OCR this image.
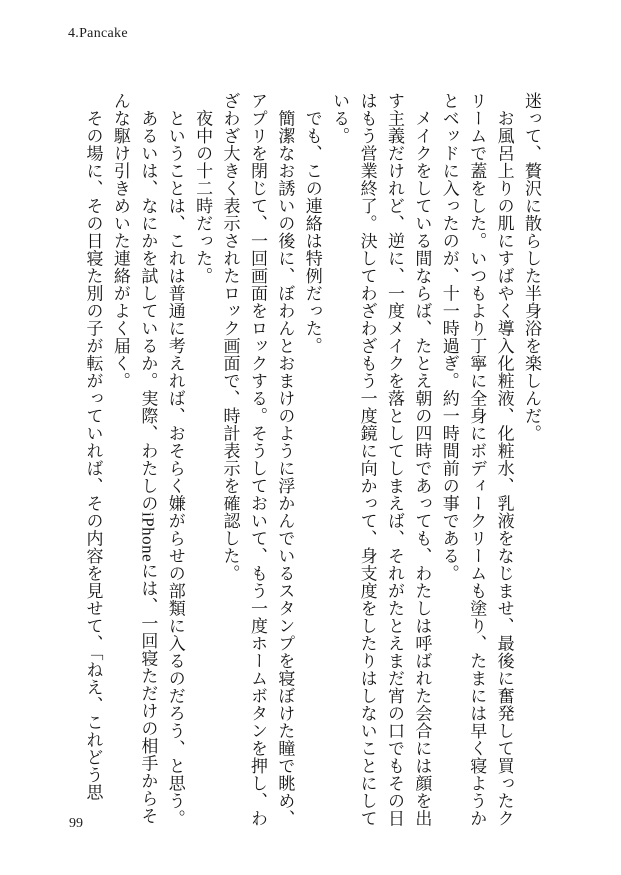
4.Pancake
迷って、贅沢に散らした半身浴を楽しんだ。
　お風呂上りの肌にすばやく導入化粧液、化粧水、乳液をなじませ、最後に奮発して買ったク
リームで蓋をした。いつもより丁寧に全身にボディークリームも塗り、たまには早く寝ようか
とベッドに入ったのが、十一時過ぎ。約一時間前の事である。
　メイクをしている間ならば、たとえ朝の四時であっても、わたしは呼ばれた会合には顔を出
す主義だけれど、逆に、一度メイクを落としてしまえば、それがたとえまだ宵の口でもその日
はもう営業終了。決してわざわざもう一度鏡に向かって、身支度をしたりはしないことにして
いる。
　でも、この連絡は特例だった。
　簡潔なお誘いの後に、ぼわんとおまけのように浮かんでいるスタンプを寝ぼけた瞳で眺め、
アプリを閉じて、一回画面をロックする。そうしておいて、もう一度ホームボタンを押し、わ
ざわざ大きく表示されたロック画面で、時計表示を確認した。
　夜中の十二時だった。
　ということは、これは普通に考えれば、おそらく嫌がらせの部類に入るのだろう、と思う。
　あるいは、なにかを試しているか。実際、わたしのiPhoneには、一回寝ただけの相手からそ
んな駆け引きめいた連絡がよく届く。
　その場に、その日寝た別の子が転がっていれば、その内容を見せて、「ねえ、これどう思
99
